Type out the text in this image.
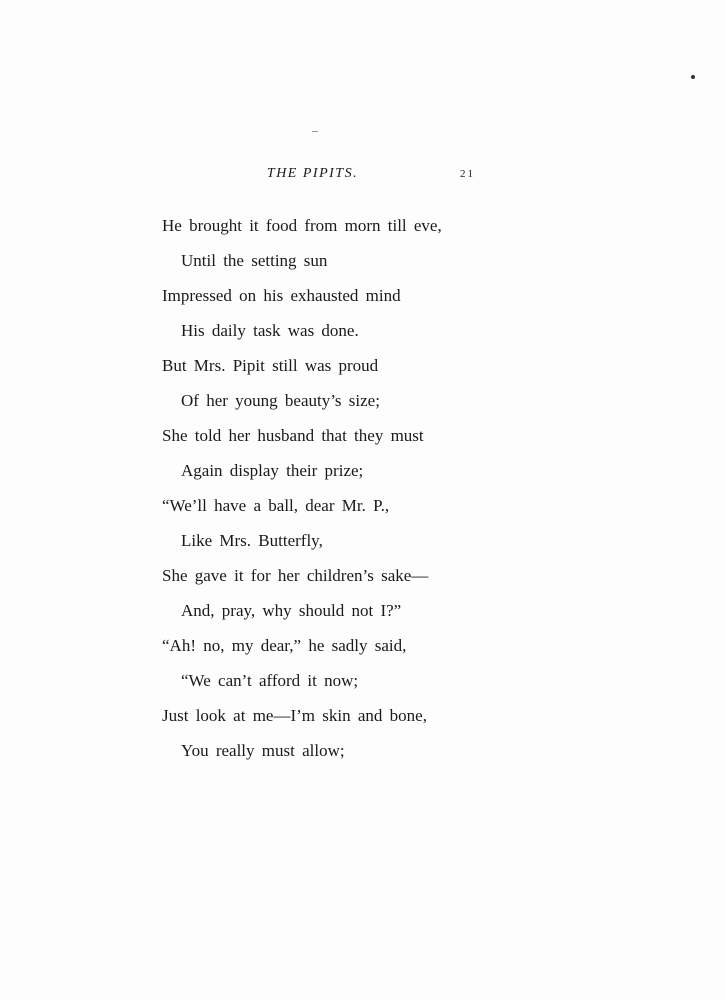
THE PIPITS.	21
He brought it food from morn till eve,
Until the setting sun
Impressed on his exhausted mind
His daily task was done.
But Mrs. Pipit still was proud
Of her young beauty’s size;
She told her husband that they must
Again display their prize;
“We’ll have a ball, dear Mr. P.,
Like Mrs. Butterfly,
She gave it for her children’s sake—
And, pray, why should not I?”
“Ah! no, my dear,” he sadly said,
“We can’t afford it now;
Just look at me—I’m skin and bone,
You really must allow;
